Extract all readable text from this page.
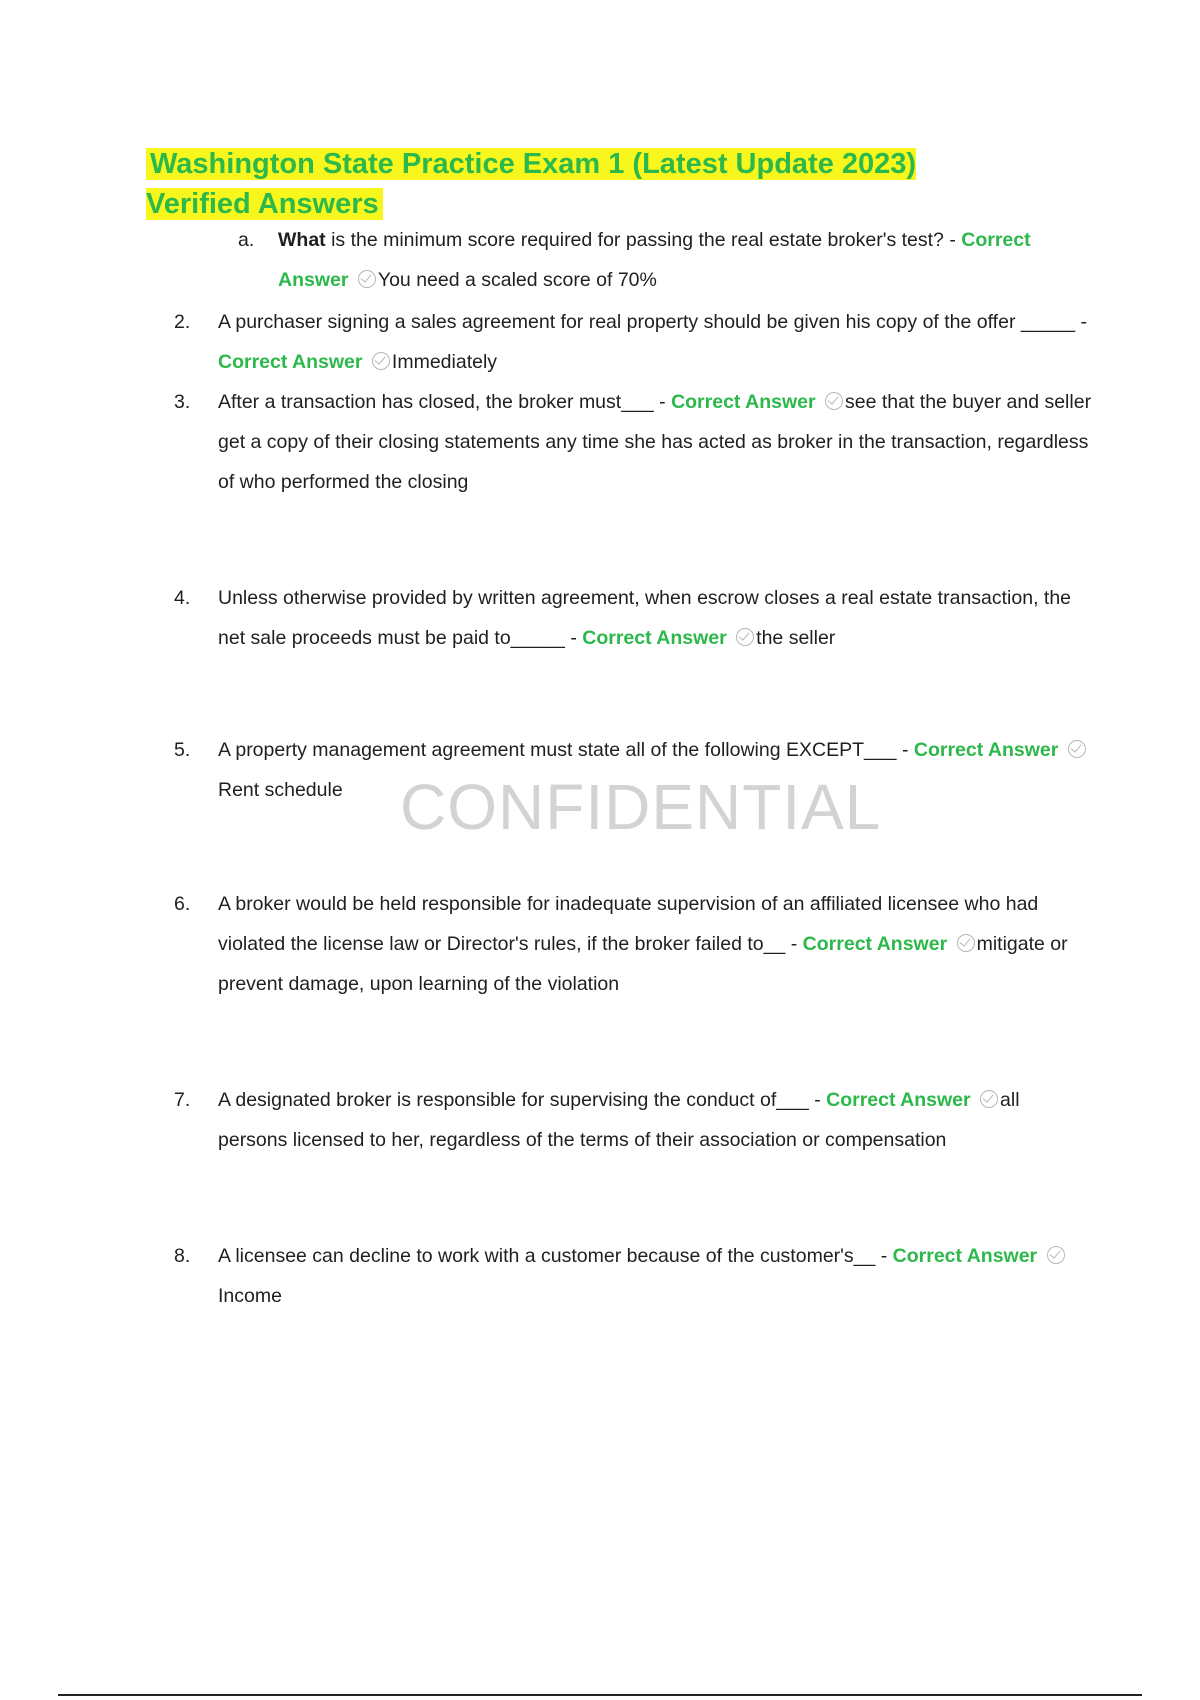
Washington State Practice Exam 1 (Latest Update 2023) Verified Answers
a.	What is the minimum score required for passing the real estate broker's test? - Correct Answer You need a scaled score of 70%
2.	A purchaser signing a sales agreement for real property should be given his copy of the offer _____ - Correct Answer Immediately
3.	After a transaction has closed, the broker must___ - Correct Answer see that the buyer and seller get a copy of their closing statements any time she has acted as broker in the transaction, regardless of who performed the closing
4.	Unless otherwise provided by written agreement, when escrow closes a real estate transaction, the net sale proceeds must be paid to_____ - Correct Answer the seller
5.	A property management agreement must state all of the following EXCEPT___ - Correct Answer Rent schedule CONFIDENTIAL
6.	A broker would be held responsible for inadequate supervision of an affiliated licensee who had violated the license law or Director's rules, if the broker failed to__ - Correct Answer mitigate or prevent damage, upon learning of the violation
7.	A designated broker is responsible for supervising the conduct of___ - Correct Answer all persons licensed to her, regardless of the terms of their association or compensation
8.	A licensee can decline to work with a customer because of the customer's__ - Correct Answer Income
